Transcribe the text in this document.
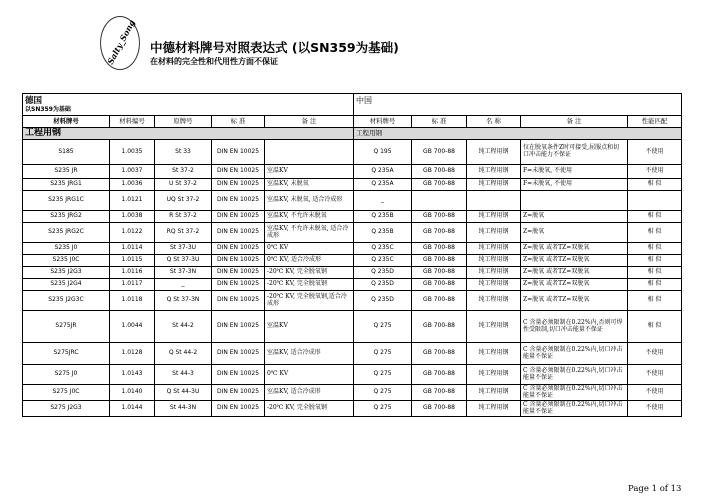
Salty_Song 中德材料牌号对照表达式 (以SN359为基础)
在材料的完全性和代用性方面不保证
德国
以SN359为基础					中国				

材料牌号	材料编号	原牌号	标 准	备 注	材料牌号	标 准	名 称	备 注	性能匹配
工程用钢					工程用钢				
S185	1.0035	St 33	DIN EN 10025		Q 195	GB 700-88	纯工程用钢	仅在脱氧条件Z时可接受,屈服点和切口冲击能力不保证	不使用
S235 JR	1.0037	St 37-2	DIN EN 10025	室温KV	Q 235A	GB 700-88	纯工程用钢	F=未脱氧, 不使用	不使用
S235 JRG1	1.0036	U St 37-2	DIN EN 10025	室温KV, 未脱氧	Q 235A	GB 700-88	纯工程用钢	F=未脱氧, 不使用	相 似
S235 JRG1C	1.0121	UQ St 37-2	DIN EN 10025	室温KV, 未脱氧, 适合冷成形	_				
S235 JRG2	1.0038	R St 37-2	DIN EN 10025	室温KV, 不允许未脱氧	Q 235B	GB 700-88	纯工程用钢	Z=脱氧	相 似
S235 JRG2C	1.0122	RQ St 37-2	DIN EN 10025	室温KV, 不允许未脱氧, 适合冷成形	Q 235B	GB 700-88	纯工程用钢	Z=脱氧	相 似
S235 J0	1.0114	St 37-3U	DIN EN 10025	0℃ KV	Q 235C	GB 700-88	纯工程用钢	Z=脱氧 或者TZ=双脱氧	相 似
S235 J0C	1.0115	Q St 37-3U	DIN EN 10025	0℃ KV, 适合冷成形	Q 235C	GB 700-88	纯工程用钢	Z=脱氧 或者TZ=双脱氧	相 似
S235 J2G3	1.0116	St 37-3N	DIN EN 10025	-20℃ KV, 完全脱氧钢	Q 235D	GB 700-88	纯工程用钢	Z=脱氧 或者TZ=双脱氧	相 似
S235 J2G4	1.0117	_	DIN EN 10025	-20℃ KV, 完全脱氧钢	Q 235D	GB 700-88	纯工程用钢	Z=脱氧 或者TZ=双脱氧	相 似
S235 J2G3C	1.0118	Q St 37-3N	DIN EN 10025	-20℃ KV, 完全脱氧钢,适合冷成形	Q 235D	GB 700-88	纯工程用钢	Z=脱氧 或者TZ=双脱氧	相 似
S275JR	1.0044	St 44-2	DIN EN 10025	室温KV	Q 275	GB 700-88	纯工程用钢	C 含量必须限制在0.22%内,否则可焊性受限制,切口冲击能量不保证	相 似
S275JRC	1.0128	Q St 44-2	DIN EN 10025	室温KV, 适合冷成形	Q 275	GB 700-88	纯工程用钢	C 含量必须限制在0.22%内,切口冲击能量不保证	不使用
S275 J0	1.0143	St 44-3	DIN EN 10025	0℃ KV	Q 275	GB 700-88	纯工程用钢	C 含量必须限制在0.22%内,切口冲击能量不保证	不使用
S275 J0C	1.0140	Q St 44-3U	DIN EN 10025	室温KV, 适合冷成形	Q 275	GB 700-88	纯工程用钢	C 含量必须限制在0.22%内,切口冲击能量不保证	不使用
S275 J2G3	1.0144	St 44-3N	DIN EN 10025	-20℃ KV, 完全脱氧钢	Q 275	GB 700-88	纯工程用钢	C 含量必须限制在0.22%内,切口冲击能量不保证	不使用
Page 1 of 13
